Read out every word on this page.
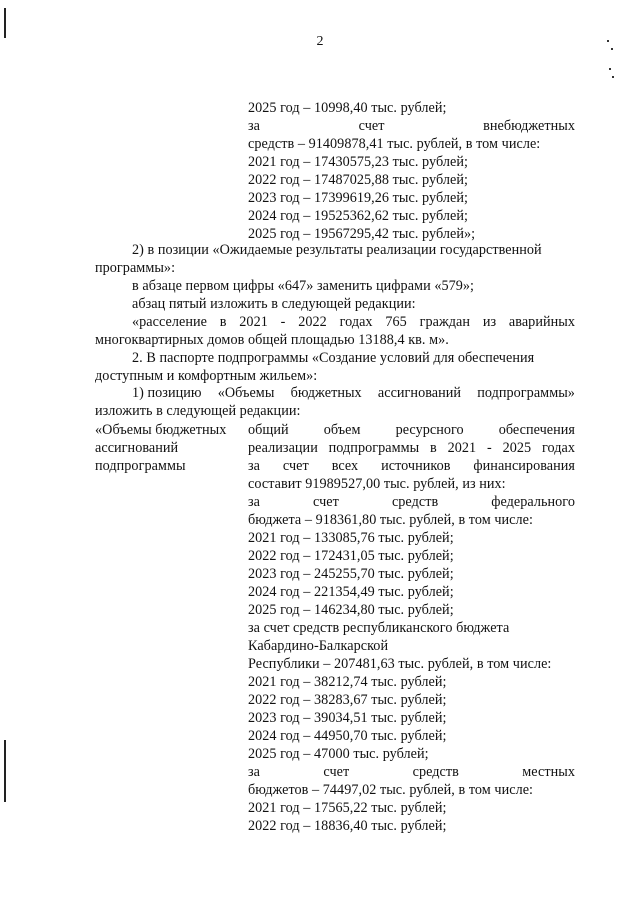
2
2025 год – 10998,40 тыс. рублей;
за	счет	внебюджетных
средств – 91409878,41 тыс. рублей, в том числе:
2021 год – 17430575,23 тыс. рублей;
2022 год – 17487025,88 тыс. рублей;
2023 год – 17399619,26 тыс. рублей;
2024 год – 19525362,62 тыс. рублей;
2025 год – 19567295,42 тыс. рублей»;
2) в позиции «Ожидаемые результаты реализации государственной
программы»:
в абзаце первом цифры «647» заменить цифрами «579»;
абзац пятый изложить в следующей редакции:
«расселение в 2021 - 2022 годах 765 граждан из аварийных
многоквартирных домов общей площадью 13188,4 кв. м».
2. В паспорте подпрограммы «Создание условий для обеспечения
доступным и комфортным жильем»:
1) позицию «Объемы бюджетных ассигнований подпрограммы»
изложить в следующей редакции:
«Объемы бюджетных
ассигнований
подпрограммы
общий объем ресурсного обеспечения
реализации подпрограммы в 2021 - 2025 годах
за счет всех источников финансирования
составит 91989527,00 тыс. рублей, из них:
за	счет	средств	федерального
бюджета – 918361,80 тыс. рублей, в том числе:
2021 год – 133085,76 тыс. рублей;
2022 год – 172431,05 тыс. рублей;
2023 год – 245255,70 тыс. рублей;
2024 год – 221354,49 тыс. рублей;
2025 год – 146234,80 тыс. рублей;
за счет средств республиканского бюджета
Кабардино-Балкарской
Республики – 207481,63 тыс. рублей, в том числе:
2021 год – 38212,74 тыс. рублей;
2022 год – 38283,67 тыс. рублей;
2023 год – 39034,51 тыс. рублей;
2024 год – 44950,70 тыс. рублей;
2025 год – 47000 тыс. рублей;
за	счет	средств	местных
бюджетов – 74497,02 тыс. рублей, в том числе:
2021 год – 17565,22 тыс. рублей;
2022 год – 18836,40 тыс. рублей;
